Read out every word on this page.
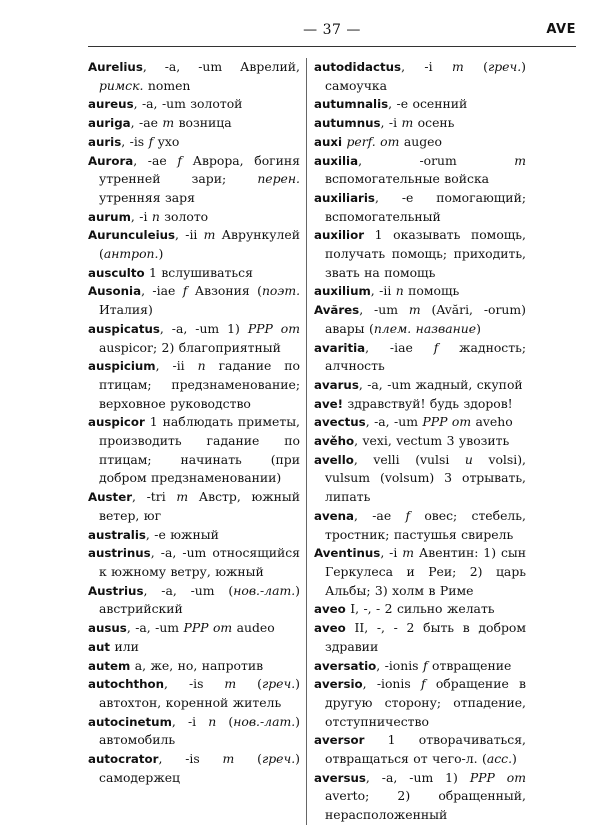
— 37 —	AVE

Aurelius, -a, -um Аврелий, римск. nomen

aureus, -a, -um золотой

auriga, -ae m возница

auris, -is f ухо

Aurora, -ae f Аврора, богиня утренней зари; перен. утренняя заря

aurum, -i n золото

Aurunculeius, -ii m Аврункулей (антроп.)

ausculto 1 вслушиваться

Ausonia, -iae f Авзония (поэт. Италия)

auspicatus, -a, -um 1) PPP от auspicor; 2) благоприятный

auspicium, -ii n гадание по птицам; предзнаменование; верховное руководство

auspicor 1 наблюдать приметы, производить гадание по птицам; начинать (при добром предзнаменовании)

Auster, -tri m Австр, южный ветер, юг

australis, -e южный

austrinus, -a, -um относящийся к южному ветру, южный

Austrius, -a, -um (нов.-лат.) австрийский

ausus, -a, -um PPP от audeo

aut или

autem а, же, но, напротив

autochthon, -is m (греч.) автохтон, коренной житель

autocinetum, -i n (нов.-лат.) автомобиль

autocrator, -is m (греч.) самодержец

autodidactus, -i m (греч.) самоучка

autumnalis, -e осенний

autumnus, -i m осень

auxi perf. от augeo

auxilia, -orum m вспомогательные войска

auxiliaris, -e помогающий; вспомогательный

auxilior 1 оказывать помощь, получать помощь; приходить, звать на помощь

auxilium, -ii n помощь

Avăres, -um m (Avări, -orum) авары (плем. название)

avaritia, -iae f жадность; алчность

avarus, -a, -um жадный, скупой

ave! здравствуй! будь здоров!

avectus, -a, -um PPP от aveho

avěho, vexi, vectum 3 увозить

avello, velli (vulsi и volsi), vulsum (volsum) 3 отрывать, липать

avena, -ae f овес; стебель, тростник; пастушья свирель

Aventinus, -i m Авентин: 1) сын Геркулеса и Реи; 2) царь Альбы; 3) холм в Риме

aveo I, -, - 2 сильно желать

aveo II, -, - 2 быть в добром здравии

aversatio, -ionis f отвращение

aversio, -ionis f обращение в другую сторону; отпадение, отступничество

aversor 1 отворачиваться, отвращаться от чего-л. (acc.)

aversus, -a, -um 1) PPP от averto; 2) обращенный, нерасположенный
